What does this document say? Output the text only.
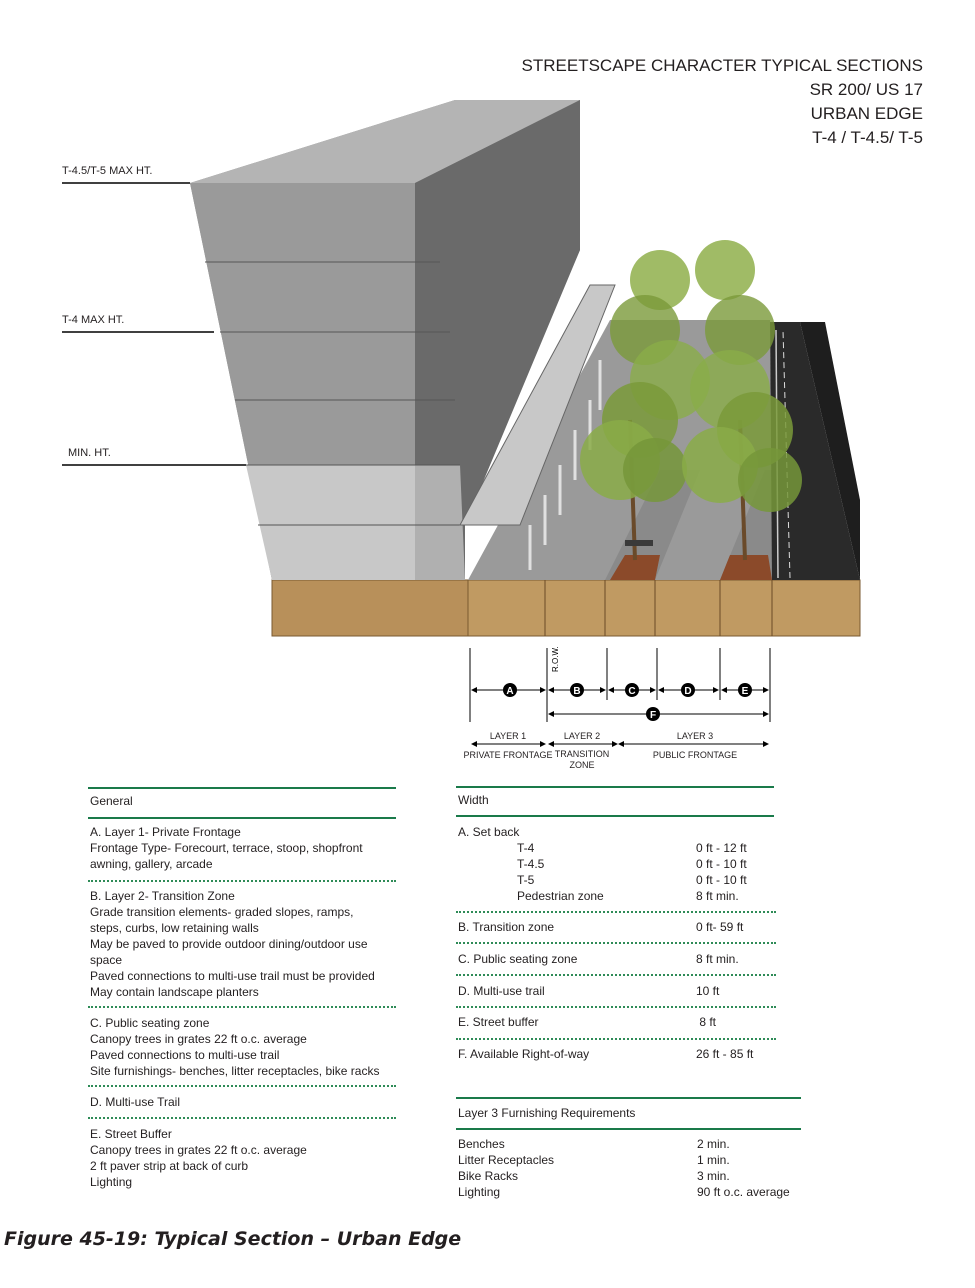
STREETSCAPE CHARACTER TYPICAL SECTIONS
SR 200/ US 17
URBAN EDGE
T-4 / T-4.5/ T-5
R.O.W.
A	B	C	D	E
F
T-4.5/T-5 MAX HT.
T-4 MAX HT.
MIN. HT.
LAYER 1
PRIVATE FRONTAGE
LAYER 2
TRANSITION
ZONE
LAYER 3
PUBLIC FRONTAGE
General
A. Layer 1- Private Frontage
Frontage Type- Forecourt, terrace, stoop, shopfront
awning, gallery, arcade
B. Layer 2- Transition Zone
Grade transition elements- graded slopes, ramps,
steps, curbs, low retaining walls
May be paved to provide outdoor dining/outdoor use
space
Paved connections to multi-use trail must be provided
May contain landscape planters
C. Public seating zone
Canopy trees in grates 22 ft o.c. average
Paved connections to multi-use trail
Site furnishings- benches, litter receptacles, bike racks
D. Multi-use Trail
E. Street Buffer
Canopy trees in grates 22 ft o.c. average
2 ft paver strip at back of curb
Lighting
Width
A. Set back
T-4	0 ft - 12 ft
T-4.5	0 ft - 10 ft
T-5	0 ft - 10 ft
Pedestrian zone	8 ft min.
B. Transition zone	0 ft- 59 ft
C. Public seating zone	8 ft min.
D. Multi-use trail	10 ft
E. Street buffer	8 ft
F. Available Right-of-way	26 ft - 85 ft
Layer 3 Furnishing Requirements
Benches	2 min.
Litter Receptacles	1 min.
Bike Racks	3 min.
Lighting	90 ft o.c. average
Figure 45-19: Typical Section – Urban Edge
